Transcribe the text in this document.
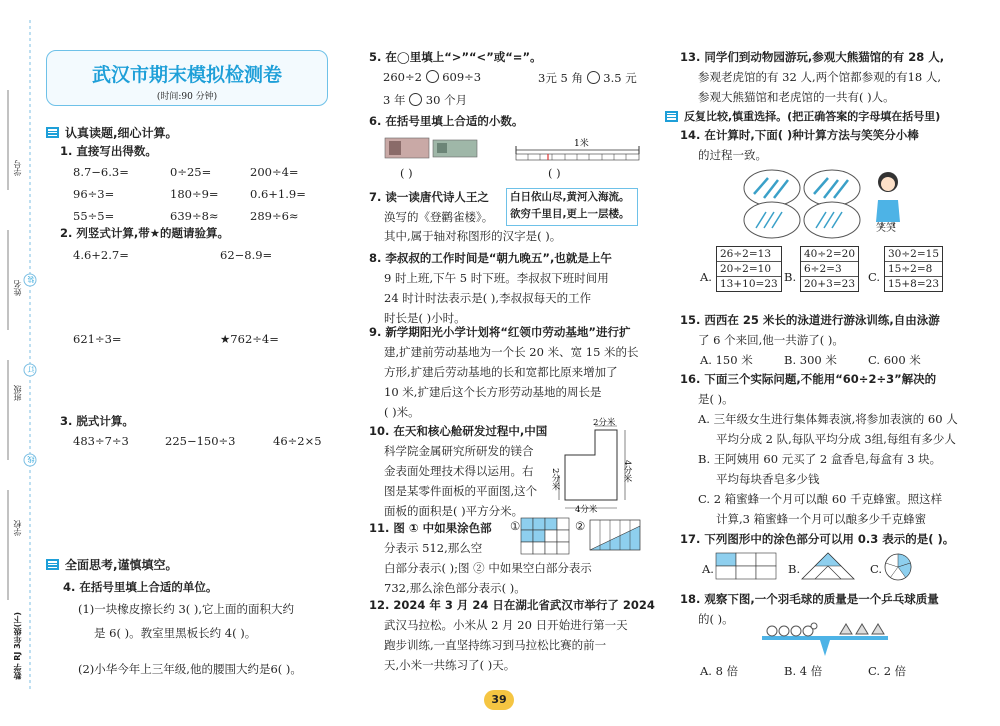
学号
姓名
班级
学校
数学 RJ 3年级(下)
装
订
线
武汉市期末模拟检测卷
(时间:90 分钟)
认真读题,细心计算。
1. 直接写出得数。
8.7−6.3=	0÷25=	200÷4=
96÷3=	180÷9=	0.6+1.9=
55÷5=	639÷8≈	289÷6≈
2. 列竖式计算,带★的题请验算。
4.6+2.7=	62−8.9=
621÷3=	★762÷4=
3. 脱式计算。
483÷7÷3	225−150÷3	46÷2×5
全面思考,谨慎填空。
4. 在括号里填上合适的单位。
(1)一块橡皮擦长约 3( ),它上面的面积大约
是 6( )。教室里黑板长约 4( )。
(2)小华今年上三年级,他的腰围大约是6( )。
5. 在◯里填上“>”“<”或“=”。
260÷2 609÷3	3元 5 角 3.5 元
3 年 30 个月
6. 在括号里填上合适的小数。
( )
1米
( )
7. 读一读唐代诗人王之
涣写的《登鹳雀楼》。
其中,属于轴对称图形的汉字是( )。
白日依山尽,黄河入海流。
欲穷千里目,更上一层楼。
8. 李叔叔的工作时间是“朝九晚五”,也就是上午
9 时上班,下午 5 时下班。李叔叔下班时间用
24 时计时法表示是( ),李叔叔每天的工作
时长是( )小时。
9. 新学期阳光小学计划将“红领巾劳动基地”进行扩
建,扩建前劳动基地为一个长 20 米、宽 15 米的长
方形,扩建后劳动基地的长和宽都比原来增加了
10 米,扩建后这个长方形劳动基地的周长是
( )米。
10. 在天和核心舱研发过程中,中国
科学院金属研究所研发的镁合
金表面处理技术得以运用。右
图是某零件面板的平面图,这个
面板的面积是( )平方分米。
2分米
4分米
4分米
2分米
11. 图 ① 中如果涂色部
分表示 512,那么空
白部分表示( );图 ② 中如果空白部分表示
732,那么涂色部分表示( )。
①	②
12. 2024 年 3 月 24 日在湖北省武汉市举行了 2024
武汉马拉松。小米从 2 月 20 日开始进行第一天
跑步训练,一直坚持练习到马拉松比赛的前一
天,小米一共练习了( )天。
39
13. 同学们到动物园游玩,参观大熊猫馆的有 28 人,
参观老虎馆的有 32 人,两个馆都参观的有18 人,
参观大熊猫馆和老虎馆的一共有( )人。
反复比较,慎重选择。(把正确答案的字母填在括号里)
14. 在计算时,下面( )种计算方法与笑笑分小棒
的过程一致。
笑笑
A.
26÷2=13
20÷2=10
13+10=23 B.
40÷2=20
6÷2=3
20+3=23 C.
30÷2=15
15÷2=8
15+8=23
15. 西西在 25 米长的泳道进行游泳训练,自由泳游
了 6 个来回,他一共游了( )。
A. 150 米	B. 300 米	C. 600 米
16. 下面三个实际问题,不能用“60÷2÷3”解决的
是( )。
A. 三年级女生进行集体舞表演,将参加表演的 60 人
平均分成 2 队,每队平均分成 3组,每组有多少人
B. 王阿姨用 60 元买了 2 盒香皂,每盒有 3 块。
平均每块香皂多少钱
C. 2 箱蜜蜂一个月可以酿 60 千克蜂蜜。照这样
计算,3 箱蜜蜂一个月可以酿多少千克蜂蜜
17. 下列图形中的涂色部分可以用 0.3 表示的是( )。
A.	B.	C.
18. 观察下图,一个羽毛球的质量是一个乒乓球质量
的( )。
A. 8 倍	B. 4 倍	C. 2 倍
